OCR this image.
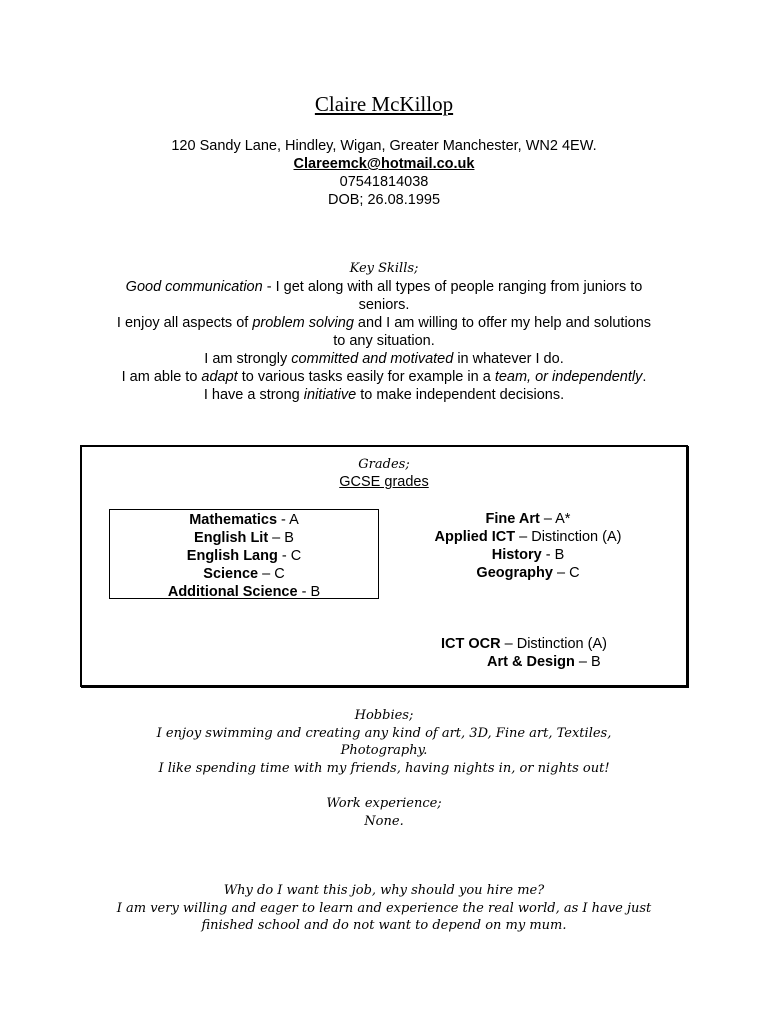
Claire McKillop
120 Sandy Lane, Hindley, Wigan, Greater Manchester, WN2 4EW.
Clareemck@hotmail.co.uk
07541814038
DOB; 26.08.1995
Key Skills;

Good communication - I get along with all types of people ranging from juniors to seniors.

I enjoy all aspects of problem solving and I am willing to offer my help and solutions to any situation.

I am strongly committed and motivated in whatever I do.

I am able to adapt to various tasks easily for example in a team, or independently.

I have a strong initiative to make independent decisions.

Grades;
GCSE grades
Mathematics - A
English Lit – B
English Lang - C
Science – C
Additional Science - B
Fine Art – A*
Applied ICT – Distinction (A)
History - B
Geography – C
ICT OCR – Distinction (A)
Art & Design – B

Hobbies;

I enjoy swimming and creating any kind of art, 3D, Fine art, Textiles, Photography.

I like spending time with my friends, having nights in, or nights out!

Work experience;

None.

Why do I want this job, why should you hire me?

I am very willing and eager to learn and experience the real world, as I have just finished school and do not want to depend on my mum.
